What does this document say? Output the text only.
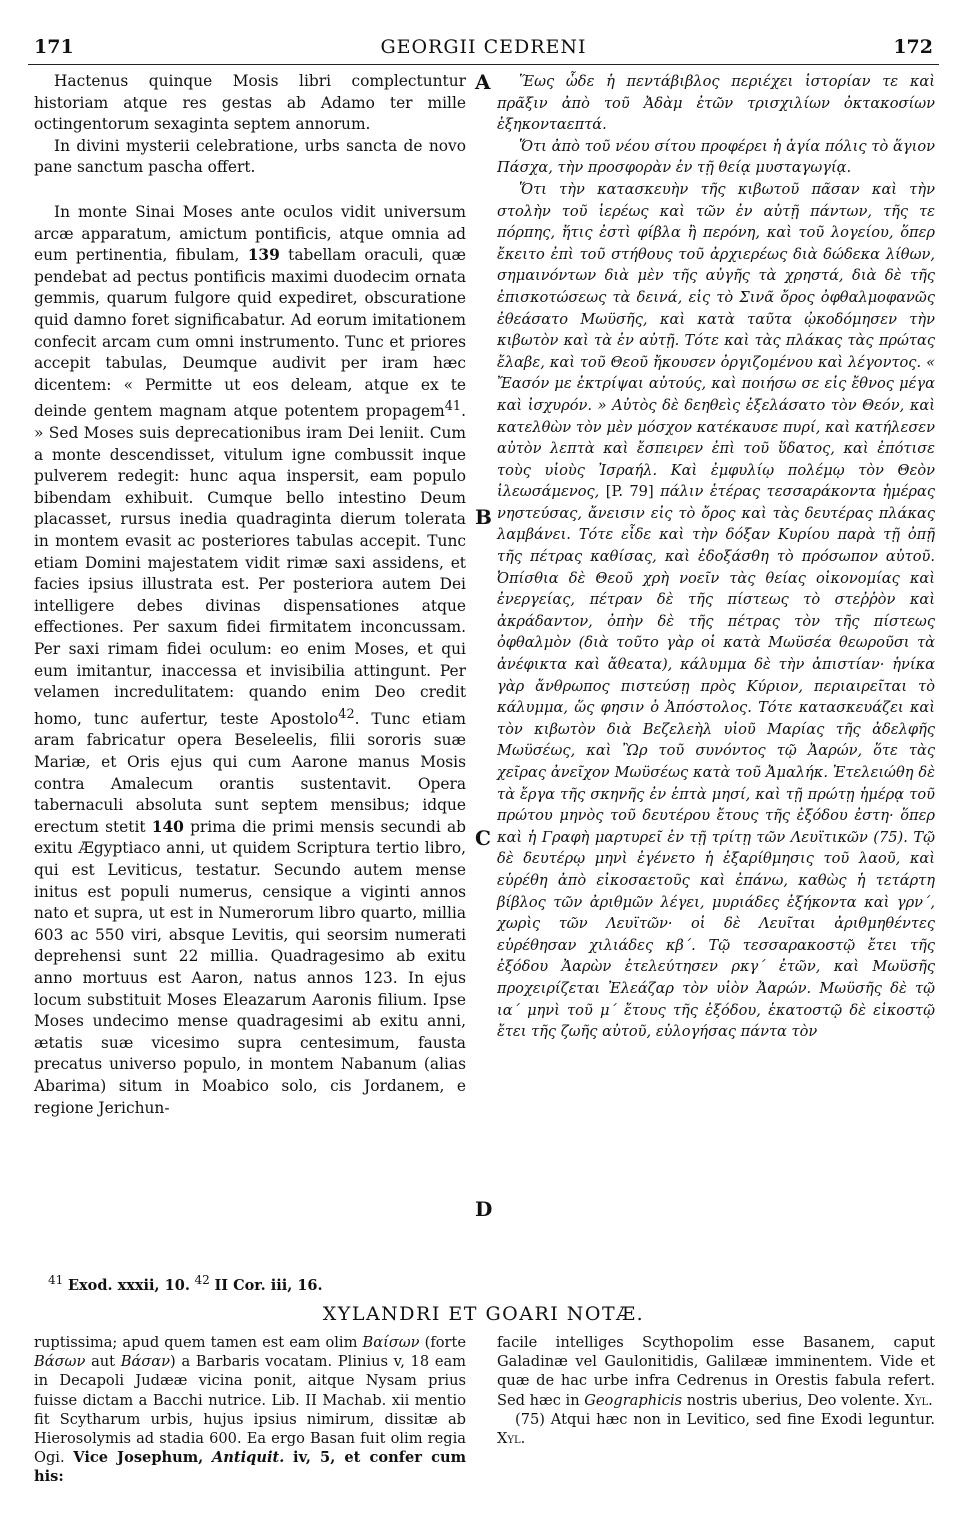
171	GEORGII CEDRENI	172

Hactenus quinque Mosis libri complectuntur historiam atque res gestas ab Adamo ter mille octingentorum sexaginta septem annorum.

In divini mysterii celebratione, urbs sancta de novo pane sanctum pascha offert.

In monte Sinai Moses ante oculos vidit universum arcæ apparatum, amictum pontificis, atque omnia ad eum pertinentia, fibulam, 139 tabellam oraculi, quæ pendebat ad pectus pontificis maximi duodecim ornata gemmis, quarum fulgore quid expediret, obscuratione quid damno foret significabatur. Ad eorum imitationem confecit arcam cum omni instrumento. Tunc et priores accepit tabulas, Deumque audivit per iram hæc dicentem: « Permitte ut eos deleam, atque ex te deinde gentem magnam atque potentem propagem$^{41}$. » Sed Moses suis deprecationibus iram Dei leniit. Cum a monte descendisset, vitulum igne combussit inque pulverem redegit: hunc aqua inspersit, eam populo bibendam exhibuit. Cumque bello intestino Deum placasset, rursus inedia quadraginta dierum tolerata in montem evasit ac posteriores tabulas accepit. Tunc etiam Domini majestatem vidit rimæ saxi assidens, et facies ipsius illustrata est. Per posteriora autem Dei intelligere debes divinas dispensationes atque effectiones. Per saxum fidei firmitatem inconcussam. Per saxi rimam fidei oculum: eo enim Moses, et qui eum imitantur, inaccessa et invisibilia attingunt. Per velamen incredulitatem: quando enim Deo credit homo, tunc aufertur, teste Apostolo$^{42}$. Tunc etiam aram fabricatur opera Beseleelis, filii sororis suæ Mariæ, et Oris ejus qui cum Aarone manus Mosis contra Amalecum orantis sustentavit. Opera tabernaculi absoluta sunt septem mensibus; idque erectum stetit 140 prima die primi mensis secundi ab exitu Ægyptiaco anni, ut quidem Scriptura tertio libro, qui est Leviticus, testatur. Secundo autem mense initus est populi numerus, censique a viginti annos nato et supra, ut est in Numerorum libro quarto, millia 603 ac 550 viri, absque Levitis, qui seorsim numerati deprehensi sunt 22 millia. Quadragesimo ab exitu anno mortuus est Aaron, natus annos 123. In ejus locum substituit Moses Eleazarum Aaronis filium. Ipse Moses undecimo mense quadragesimi ab exitu anni, ætatis suæ vicesimo supra centesimum, fausta precatus universo populo, in montem Nabanum (alias Abarima) situm in Moabico solo, cis Jordanem, e regione Jerichun-

A
B
C
D

Ἕως ὧδε ἡ πεντάβιβλος περιέχει ἱστορίαν τε καὶ πρᾶξιν ἀπὸ τοῦ Ἀδὰμ ἐτῶν τρισχιλίων ὀκτακοσίων ἑξηκονταεπτά.

Ὅτι ἀπὸ τοῦ νέου σίτου προφέρει ἡ ἁγία πόλις τὸ ἅγιον Πάσχα, τὴν προσφορὰν ἐν τῇ θείᾳ μυσταγωγίᾳ.

Ὅτι τὴν κατασκευὴν τῆς κιβωτοῦ πᾶσαν καὶ τὴν στολὴν τοῦ ἱερέως καὶ τῶν ἐν αὐτῇ πάντων, τῆς τε πόρπης, ἥτις ἐστὶ φίβλα ἢ περόνη, καὶ τοῦ λογείου, ὅπερ ἔκειτο ἐπὶ τοῦ στήθους τοῦ ἀρχιερέως διὰ δώδεκα λίθων, σημαινόντων διὰ μὲν τῆς αὐγῆς τὰ χρηστά, διὰ δὲ τῆς ἐπισκοτώσεως τὰ δεινά, εἰς τὸ Σινᾶ ὄρος ὀφθαλμοφανῶς ἐθεάσατο Μωϋσῆς, καὶ κατὰ ταῦτα ᾠκοδόμησεν τὴν κιβωτὸν καὶ τὰ ἐν αὐτῇ. Τότε καὶ τὰς πλάκας τὰς πρώτας ἔλαβε, καὶ τοῦ Θεοῦ ἤκουσεν ὀργιζομένου καὶ λέγοντος. « Ἔασόν με ἐκτρίψαι αὐτούς, καὶ ποιήσω σε εἰς ἔθνος μέγα καὶ ἰσχυρόν. » Αὐτὸς δὲ δεηθεὶς ἐξελάσατο τὸν Θεόν, καὶ κατελθὼν τὸν μὲν μόσχον κατέκαυσε πυρί, καὶ κατήλεσεν αὐτὸν λεπτὰ καὶ ἔσπειρεν ἐπὶ τοῦ ὕδατος, καὶ ἐπότισε τοὺς υἱοὺς Ἰσραήλ. Καὶ ἐμφυλίῳ πολέμῳ τὸν Θεὸν ἱλεωσάμενος, [P. 79] πάλιν ἑτέρας τεσσαράκοντα ἡμέρας νηστεύσας, ἄνεισιν εἰς τὸ ὄρος καὶ τὰς δευτέρας πλάκας λαμβάνει. Τότε εἶδε καὶ τὴν δόξαν Κυρίου παρὰ τῇ ὀπῇ τῆς πέτρας καθίσας, καὶ ἐδοξάσθη τὸ πρόσωπον αὐτοῦ. Ὀπίσθια δὲ Θεοῦ χρὴ νοεῖν τὰς θείας οἰκονομίας καὶ ἐνεργείας, πέτραν δὲ τῆς πίστεως τὸ στεῤῥὸν καὶ ἀκράδαντον, ὀπὴν δὲ τῆς πέτρας τὸν τῆς πίστεως ὀφθαλμὸν (διὰ τοῦτο γὰρ οἱ κατὰ Μωϋσέα θεωροῦσι τὰ ἀνέφικτα καὶ ἄθεατα), κάλυμμα δὲ τὴν ἀπιστίαν· ἡνίκα γὰρ ἄνθρωπος πιστεύσῃ πρὸς Κύριον, περιαιρεῖται τὸ κάλυμμα, ὥς φησιν ὁ Ἀπόστολος. Τότε κατασκευάζει καὶ τὸν κιβωτὸν διὰ Βεζελεὴλ υἱοῦ Μαρίας τῆς ἀδελφῆς Μωϋσέως, καὶ Ὢρ τοῦ συνόντος τῷ Ἀαρών, ὅτε τὰς χεῖρας ἀνεῖχον Μωϋσέως κατὰ τοῦ Ἀμαλήκ. Ἐτελειώθη δὲ τὰ ἔργα τῆς σκηνῆς ἐν ἑπτὰ μησί, καὶ τῇ πρώτῃ ἡμέρᾳ τοῦ πρώτου μηνὸς τοῦ δευτέρου ἔτους τῆς ἐξόδου ἐστη· ὅπερ καὶ ἡ Γραφὴ μαρτυρεῖ ἐν τῇ τρίτῃ τῶν Λευϊτικῶν (75). Τῷ δὲ δευτέρῳ μηνὶ ἐγένετο ἡ ἐξαρίθμησις τοῦ λαοῦ, καὶ εὑρέθη ἀπὸ εἰκοσαετοῦς καὶ ἐπάνω, καθὼς ἡ τετάρτη βίβλος τῶν ἀριθμῶν λέγει, μυριάδες ἑξήκοντα καὶ γρν΄, χωρὶς τῶν Λευϊτῶν· οἱ δὲ Λευῖται ἀριθμηθέντες εὑρέθησαν χιλιάδες κβ΄. Τῷ τεσσαρακοστῷ ἔτει τῆς ἐξόδου Ἀαρὼν ἐτελεύτησεν ρκγ΄ ἐτῶν, καὶ Μωϋσῆς προχειρίζεται Ἐλεάζαρ τὸν υἱὸν Ἀαρών. Μωϋσῆς δὲ τῷ ια΄ μηνὶ τοῦ μ΄ ἔτους τῆς ἐξόδου, ἑκατοστῷ δὲ εἰκοστῷ ἔτει τῆς ζωῆς αὐτοῦ, εὐλογήσας πάντα τὸν

$^{41}$ Exod. xxxii, 10. $^{42}$ II Cor. iii, 16.
XYLANDRI ET GOARI NOTÆ.

ruptissima; apud quem tamen est eam olim Βαίσων (forte Βάσων aut Βάσαν) a Barbaris vocatam. Plinius v, 18 eam in Decapoli Judææ vicina ponit, aitque Nysam prius fuisse dictam a Bacchi nutrice. Lib. II Machab. xii mentio fit Scytharum urbis, hujus ipsius nimirum, dissitæ ab Hierosolymis ad stadia 600. Ea ergo Basan fuit olim regia Ogi. Vice Josephum, Antiquit. iv, 5, et confer cum his:

facile intelliges Scythopolim esse Basanem, caput Galadinæ vel Gaulonitidis, Galilææ imminentem. Vide et quæ de hac urbe infra Cedrenus in Orestis fabula refert. Sed hæc in Geographicis nostris uberius, Deo volente. Xyl.

(75) Atqui hæc non in Levitico, sed fine Exodi leguntur. Xyl.
